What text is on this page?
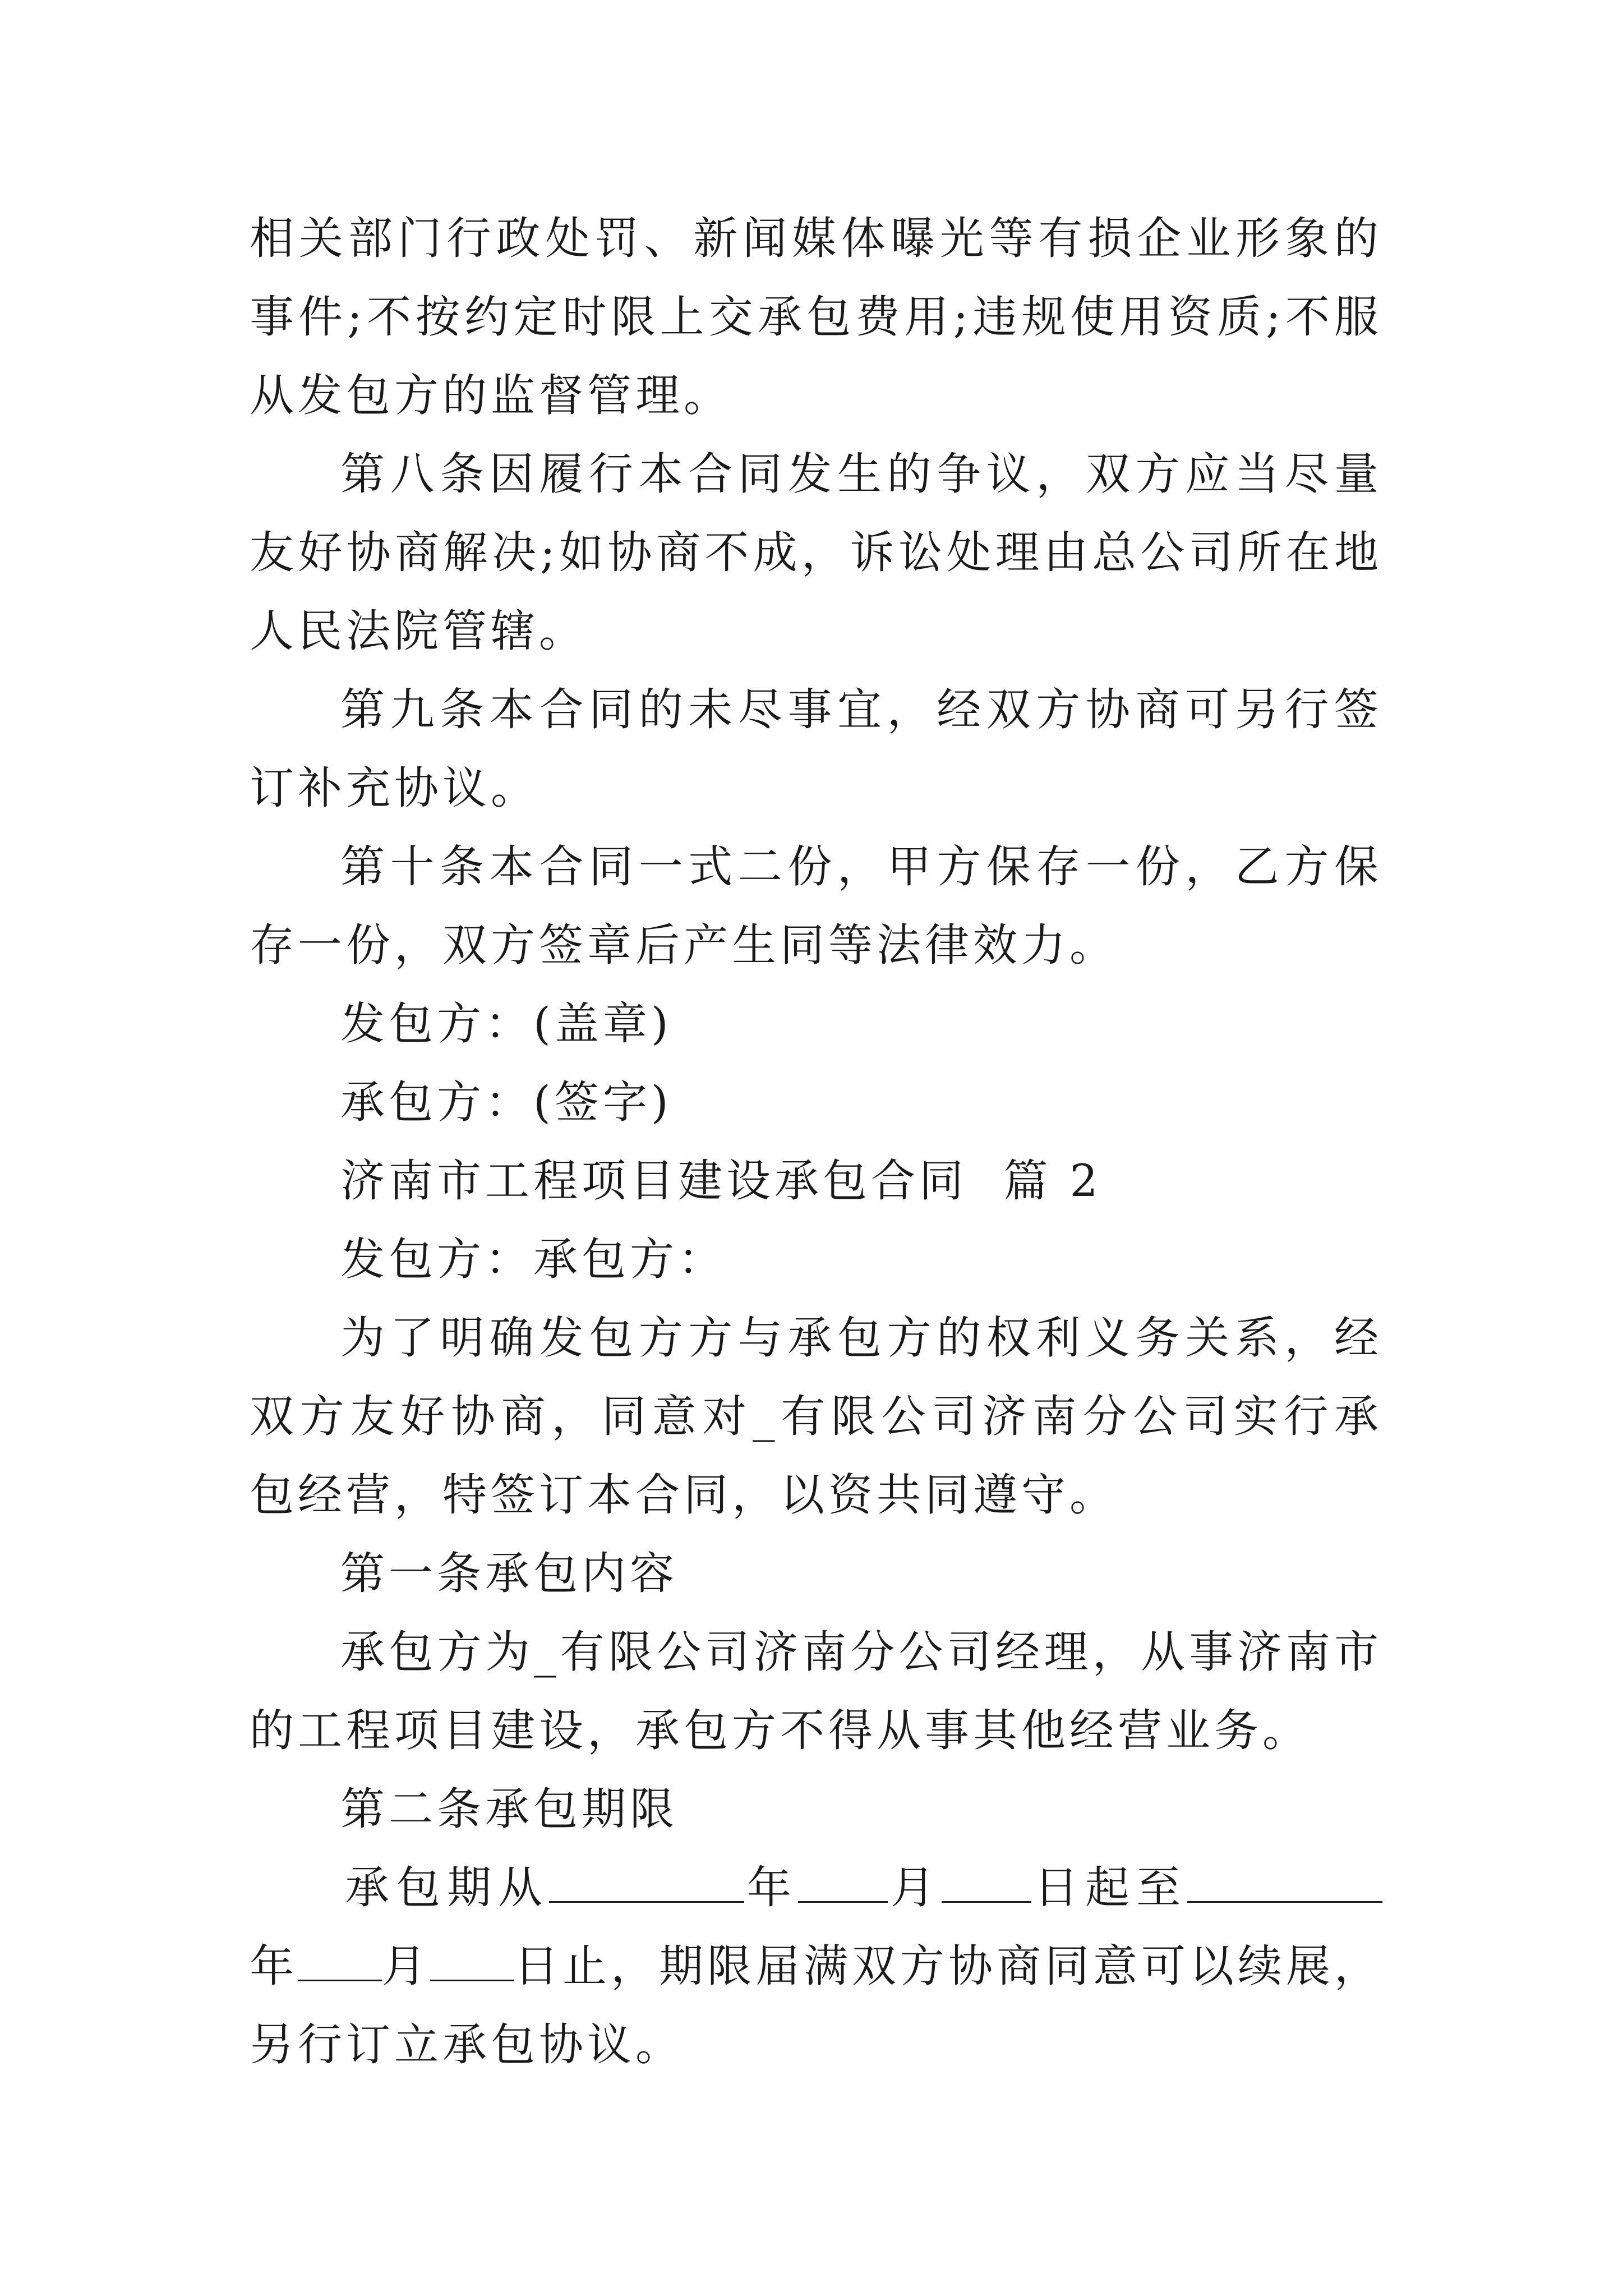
相关部门行政处罚、新闻媒体曝光等有损企业形象的事件;不按约定时限上交承包费用;违规使用资质;不服从发包方的监督管理。

第八条因履行本合同发生的争议，双方应当尽量友好协商解决;如协商不成，诉讼处理由总公司所在地人民法院管辖。

第九条本合同的未尽事宜，经双方协商可另行签订补充协议。

第十条本合同一式二份，甲方保存一份，乙方保存一份，双方签章后产生同等法律效力。

发包方：(盖章)

承包方：(签字)

济南市工程项目建设承包合同  篇 2

发包方：承包方：

为了明确发包方方与承包方的权利义务关系，经双方友好协商，同意对_有限公司济南分公司实行承包经营，特签订本合同，以资共同遵守。

第一条承包内容

承包方为_有限公司济南分公司经理，从事济南市的工程项目建设，承包方不得从事其他经营业务。

第二条承包期限

承包期从	年 月 日起至年 月 日止，期限届满双方协商同意可以续展，另行订立承包协议。
